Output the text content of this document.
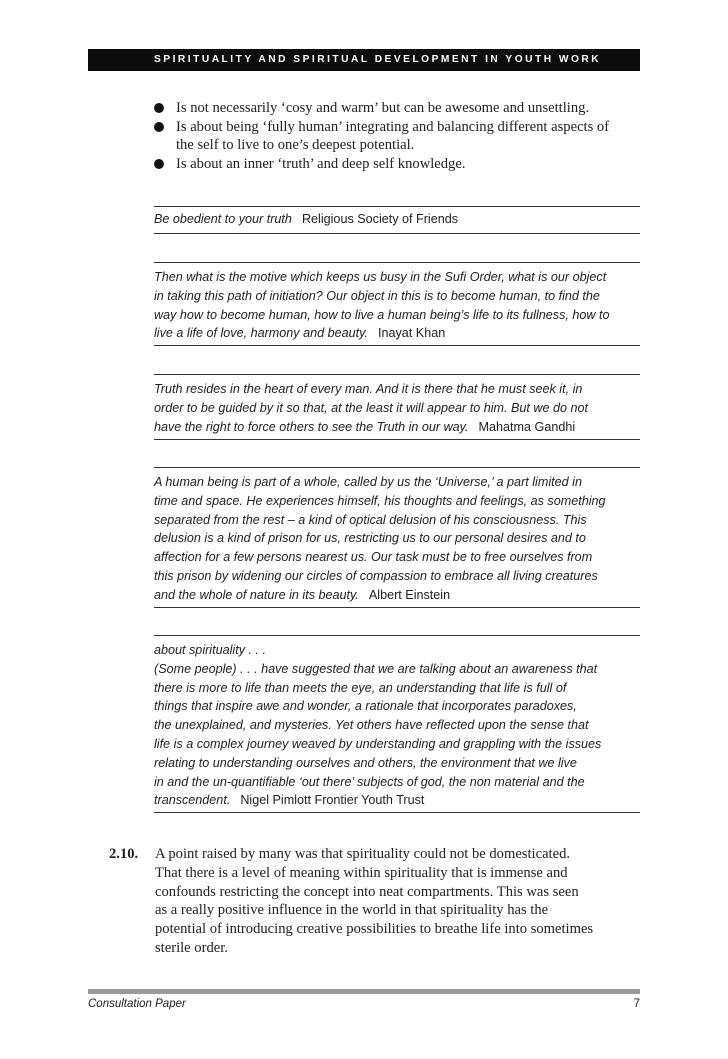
SPIRITUALITY AND SPIRITUAL DEVELOPMENT IN YOUTH WORK
Is not necessarily ‘cosy and warm’ but can be awesome and unsettling.
Is about being ‘fully human’ integrating and balancing different aspects of
the self to live to one’s deepest potential.
Is about an inner ‘truth’ and deep self knowledge.
Be obedient to your truth Religious Society of Friends
Then what is the motive which keeps us busy in the Sufi Order, what is our object
in taking this path of initiation? Our object in this is to become human, to find the
way how to become human, how to live a human being’s life to its fullness, how to
live a life of love, harmony and beauty. Inayat Khan
Truth resides in the heart of every man. And it is there that he must seek it, in
order to be guided by it so that, at the least it will appear to him. But we do not
have the right to force others to see the Truth in our way. Mahatma Gandhi
A human being is part of a whole, called by us the ‘Universe,’ a part limited in
time and space. He experiences himself, his thoughts and feelings, as something
separated from the rest – a kind of optical delusion of his consciousness. This
delusion is a kind of prison for us, restricting us to our personal desires and to
affection for a few persons nearest us. Our task must be to free ourselves from
this prison by widening our circles of compassion to embrace all living creatures
and the whole of nature in its beauty. Albert Einstein
about spirituality . . .
(Some people) . . . have suggested that we are talking about an awareness that
there is more to life than meets the eye, an understanding that life is full of
things that inspire awe and wonder, a rationale that incorporates paradoxes,
the unexplained, and mysteries. Yet others have reflected upon the sense that
life is a complex journey weaved by understanding and grappling with the issues
relating to understanding ourselves and others, the environment that we live
in and the un-quantifiable ‘out there’ subjects of god, the non material and the
transcendent. Nigel Pimlott Frontier Youth Trust
2.10. A point raised by many was that spirituality could not be domesticated.
That there is a level of meaning within spirituality that is immense and
confounds restricting the concept into neat compartments. This was seen
as a really positive influence in the world in that spirituality has the
potential of introducing creative possibilities to breathe life into sometimes
sterile order.
Consultation Paper	7
